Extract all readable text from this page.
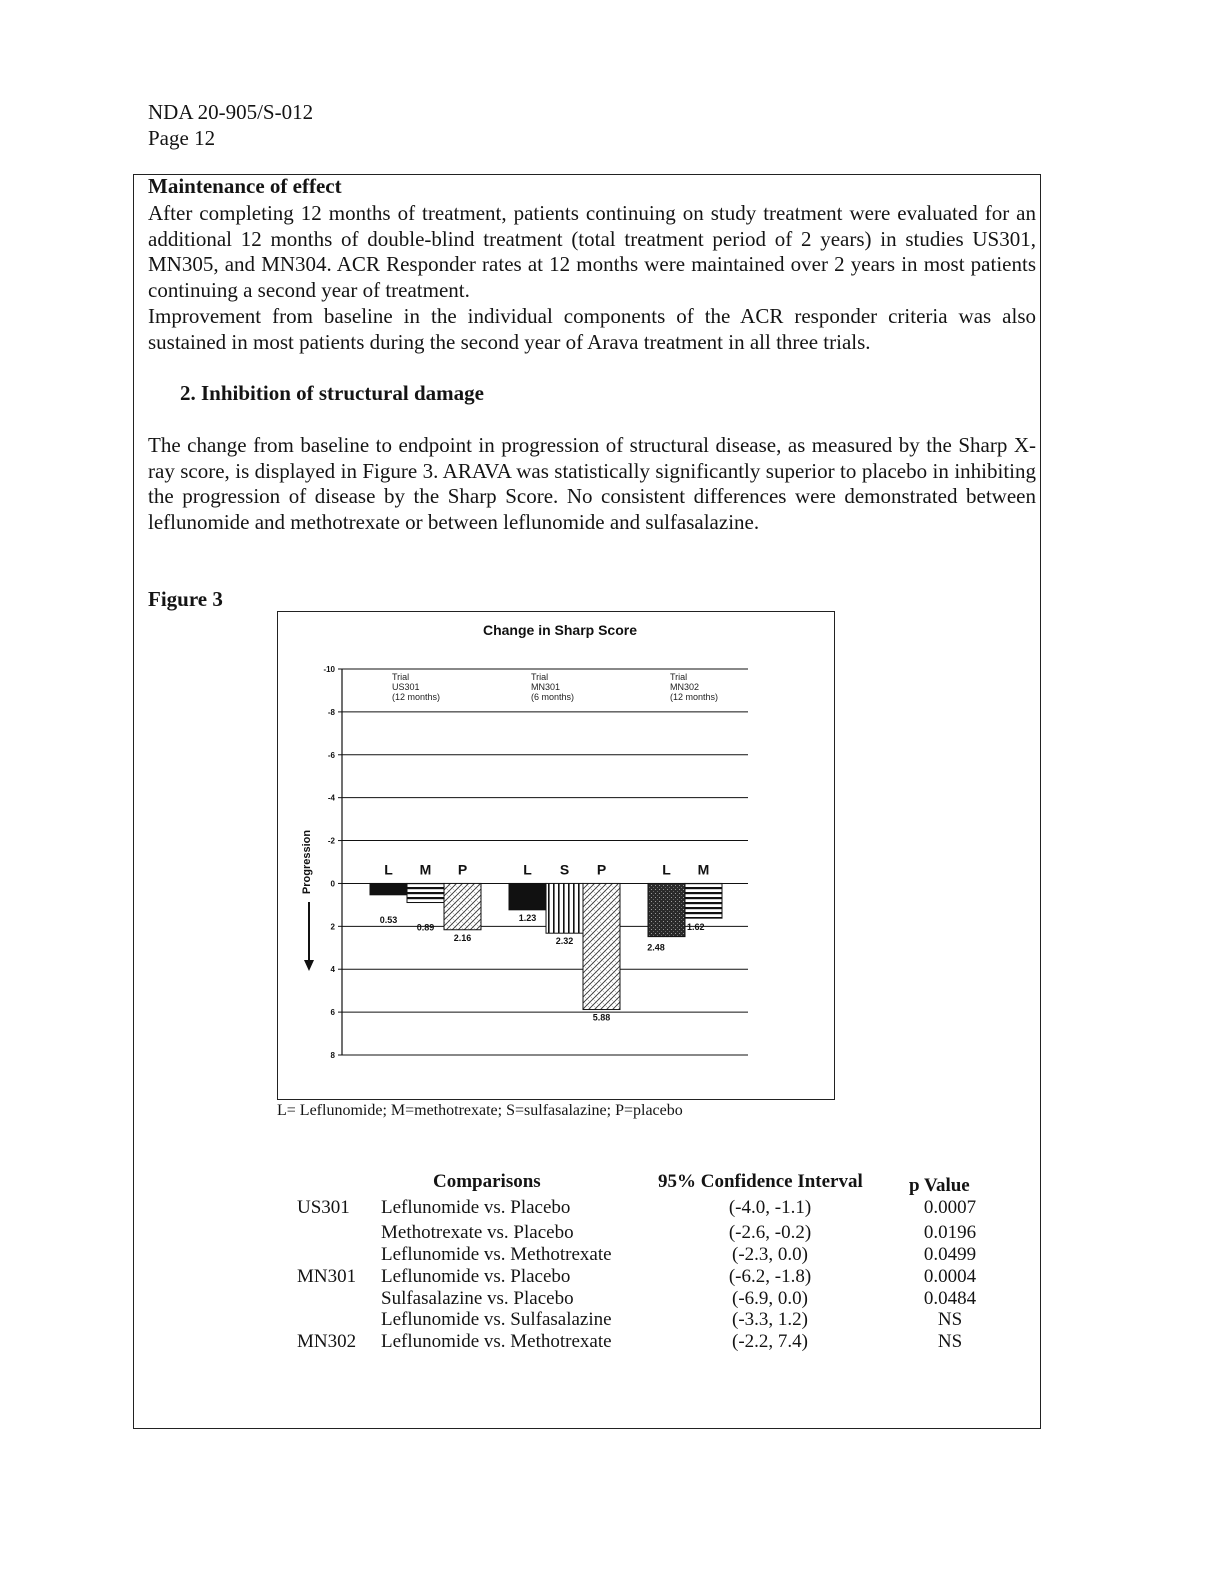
NDA 20-905/S-012
Page 12
Maintenance of effect
After completing 12 months of treatment, patients continuing on study treatment were evaluated for an additional 12 months of double-blind treatment (total treatment period of 2 years) in studies US301, MN305, and MN304. ACR Responder rates at 12 months were maintained over 2 years in most patients continuing a second year of treatment.
Improvement from baseline in the individual components of the ACR responder criteria was also sustained in most patients during the second year of Arava treatment in all three trials.
2. Inhibition of structural damage
The change from baseline to endpoint in progression of structural disease, as measured by the Sharp X-ray score, is displayed in Figure 3. ARAVA was statistically significantly superior to placebo in inhibiting the progression of disease by the Sharp Score. No consistent differences were demonstrated between leflunomide and methotrexate or between leflunomide and sulfasalazine.
Figure 3
Change in Sharp Score
Progression
-10
-8
-6
-4
-2
0
2
4
6
8
Trial
US301
(12 months)
L
0.53
M
0.89
P
2.16
Trial
MN301
(6 months)
L
1.23
S
2.32
P
5.88
Trial
MN302
(12 months)
L
2.48
M
1.62
L= Leflunomide; M=methotrexate; S=sulfasalazine; P=placebo
Comparisons	95% Confidence Interval p Value
US301 Leflunomide vs. Placebo	(-4.0, -1.1)	0.0007
Methotrexate vs. Placebo	(-2.6, -0.2)	0.0196
Leflunomide vs. Methotrexate	(-2.3, 0.0)	0.0499
MN301 Leflunomide vs. Placebo	(-6.2, -1.8)	0.0004
Sulfasalazine vs. Placebo	(-6.9, 0.0)	0.0484
Leflunomide vs. Sulfasalazine	(-3.3, 1.2)	NS
MN302 Leflunomide vs. Methotrexate	(-2.2, 7.4)	NS
